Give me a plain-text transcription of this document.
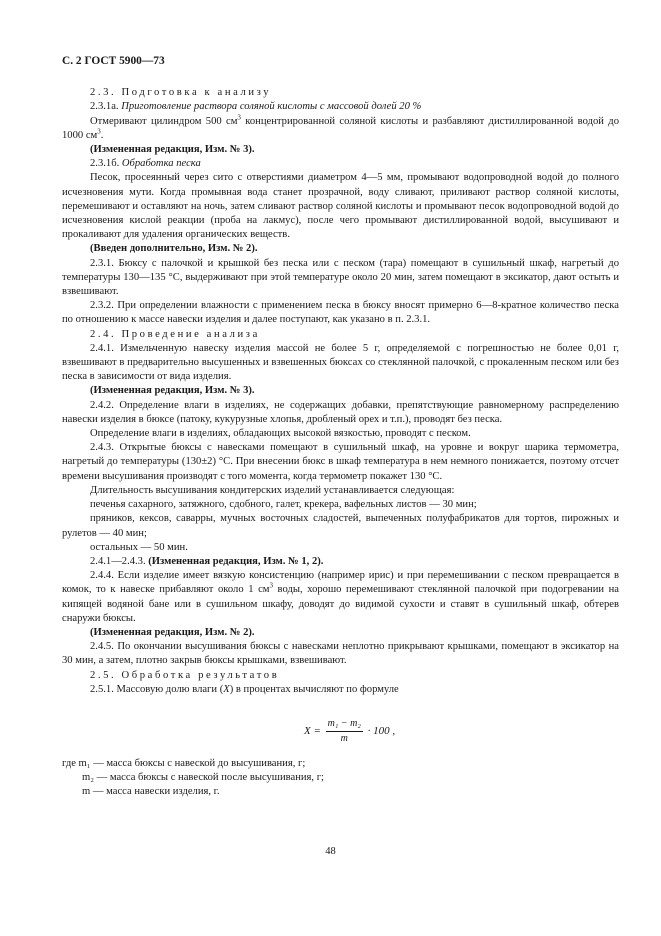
С. 2 ГОСТ 5900—73

2.3. Подготовка к анализу

2.3.1а. Приготовление раствора соляной кислоты с массовой долей 20 %

Отмеривают цилиндром 500 $см^3$ концентрированной соляной кислоты и разбавляют дистиллированной водой до 1000 $см^3$.

(Измененная редакция, Изм. № 3).

2.3.1б. Обработка песка

Песок, просеянный через сито с отверстиями диаметром 4—5 мм, промывают водопроводной водой до полного исчезновения мути. Когда промывная вода станет прозрачной, воду сливают, приливают раствор соляной кислоты, перемешивают и оставляют на ночь, затем сливают раствор соляной кислоты и промывают песок водопроводной водой до исчезновения кислой реакции (проба на лакмус), после чего промывают дистиллированной водой, высушивают и прокаливают для удаления органических веществ.

(Введен дополнительно, Изм. № 2).

2.3.1. Бюксу с палочкой и крышкой без песка или с песком (тара) помещают в сушильный шкаф, нагретый до температуры 130—135 °С, выдерживают при этой температуре около 20 мин, затем помещают в эксикатор, дают остыть и взвешивают.

2.3.2. При определении влажности с применением песка в бюксу вносят примерно 6—8-кратное количество песка по отношению к массе навески изделия и далее поступают, как указано в п. 2.3.1.

2.4. Проведение анализа

2.4.1. Измельченную навеску изделия массой не более 5 г, определяемой с погрешностью не более 0,01 г, взвешивают в предварительно высушенных и взвешенных бюксах со стеклянной палочкой, с прокаленным песком или без песка в зависимости от вида изделия.

(Измененная редакция, Изм. № 3).

2.4.2. Определение влаги в изделиях, не содержащих добавки, препятствующие равномерному распределению навески изделия в бюксе (патоку, кукурузные хлопья, дробленый орех и т.п.), проводят без песка.

Определение влаги в изделиях, обладающих высокой вязкостью, проводят с песком.

2.4.3. Открытые бюксы с навесками помещают в сушильный шкаф, на уровне и вокруг шарика термометра, нагретый до температуры (130±2) °С. При внесении бюкс в шкаф температура в нем немного понижается, поэтому отсчет времени высушивания производят с того момента, когда термометр покажет 130 °С.

Длительность высушивания кондитерских изделий устанавливается следующая:

печенья сахарного, затяжного, сдобного, галет, крекера, вафельных листов — 30 мин;

пряников, кексов, саварры, мучных восточных сладостей, выпеченных полуфабрикатов для тортов, пирожных и рулетов — 40 мин;

остальных — 50 мин.

2.4.1—2.4.3. (Измененная редакция, Изм. № 1, 2).

2.4.4. Если изделие имеет вязкую консистенцию (например ирис) и при перемешивании с песком превращается в комок, то к навеске прибавляют около 1 $см^3$ воды, хорошо перемешивают стеклянной палочкой при подогревании на кипящей водяной бане или в сушильном шкафу, доводят до видимой сухости и ставят в сушильный шкаф, обтерев снаружи бюксы.

(Измененная редакция, Изм. № 2).

2.4.5. По окончании высушивания бюксы с навесками неплотно прикрывают крышками, помещают в эксикатор на 30 мин, а затем, плотно закрыв бюксы крышками, взвешивают.

2.5. Обработка результатов

2.5.1. Массовую долю влаги (X) в процентах вычисляют по формуле

$X = \frac{\text{m₁ − m₂}}{m} \cdot 100$ ,
где m₁ — масса бюксы с навеской до высушивания, г;
m₂ — масса бюксы с навеской после высушивания, г;
m — масса навески изделия, г.
48
